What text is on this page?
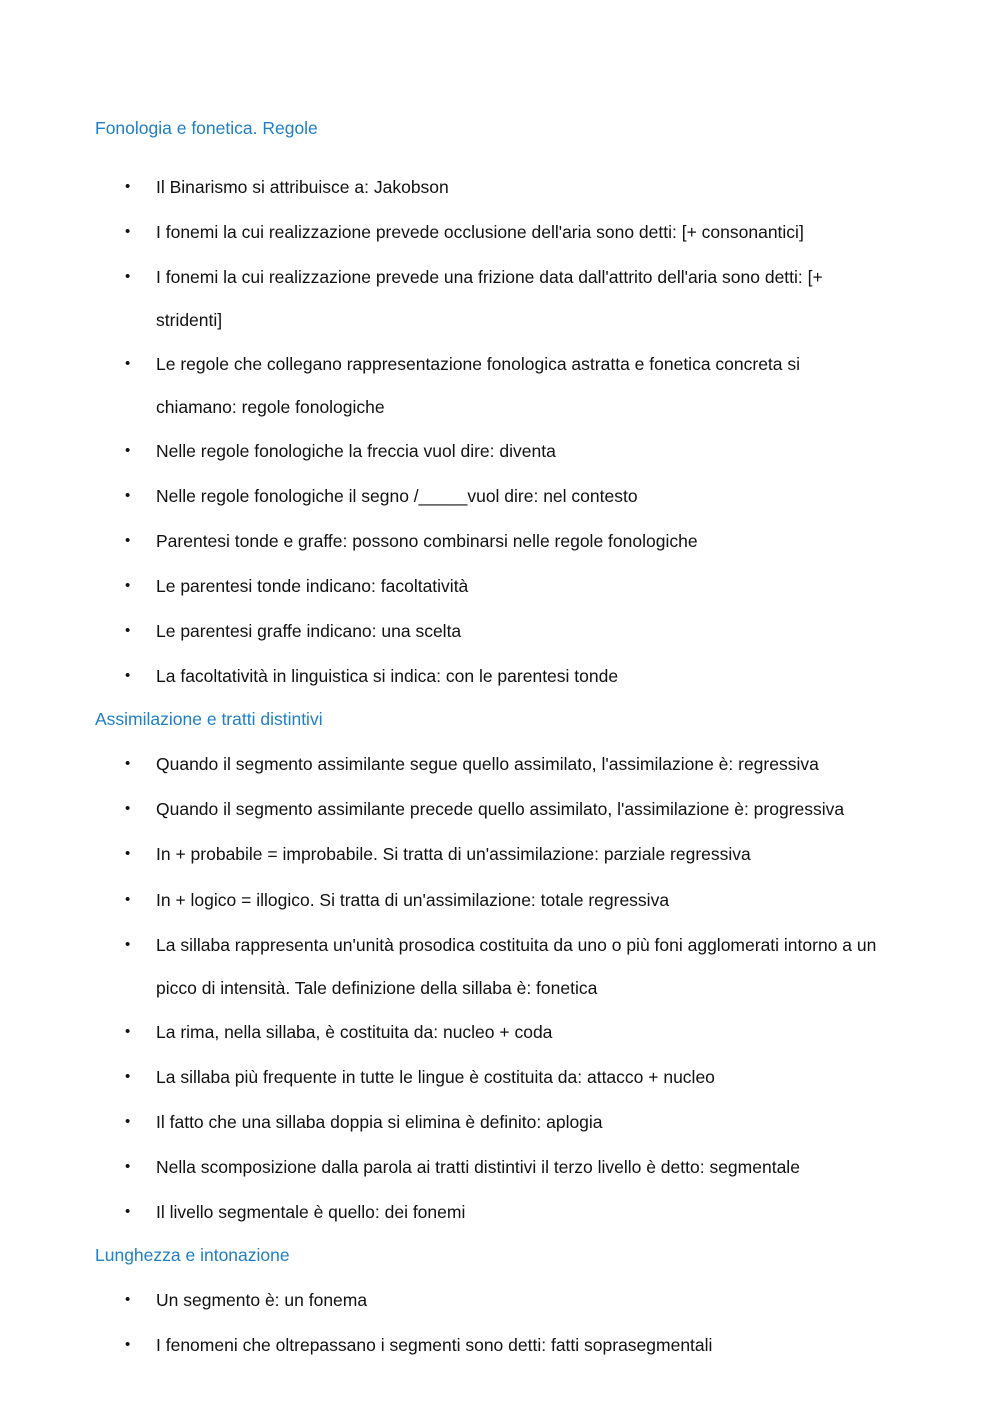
Fonologia e fonetica. Regole
•	Il Binarismo si attribuisce a: Jakobson
•	I fonemi la cui realizzazione prevede occlusione dell'aria sono detti: [+ consonantici]
•	I fonemi la cui realizzazione prevede una frizione data dall'attrito dell'aria sono detti: [+ stridenti]
•	Le regole che collegano rappresentazione fonologica astratta e fonetica concreta si chiamano: regole fonologiche
•	Nelle regole fonologiche la freccia vuol dire: diventa
•	Nelle regole fonologiche il segno /_____vuol dire: nel contesto
•	Parentesi tonde e graffe: possono combinarsi nelle regole fonologiche
•	Le parentesi tonde indicano: facoltatività
•	Le parentesi graffe indicano: una scelta
•	La facoltatività in linguistica si indica: con le parentesi tonde
Assimilazione e tratti distintivi
•	Quando il segmento assimilante segue quello assimilato, l'assimilazione è: regressiva
•	Quando il segmento assimilante precede quello assimilato, l'assimilazione è: progressiva
•	In + probabile = improbabile. Si tratta di un'assimilazione: parziale regressiva
•	In + logico = illogico. Si tratta di un'assimilazione: totale regressiva
•	La sillaba rappresenta un'unità prosodica costituita da uno o più foni agglomerati intorno a un picco di intensità. Tale definizione della sillaba è: fonetica
•	La rima, nella sillaba, è costituita da: nucleo + coda
•	La sillaba più frequente in tutte le lingue è costituita da: attacco + nucleo
•	Il fatto che una sillaba doppia si elimina è definito: aplogia
•	Nella scomposizione dalla parola ai tratti distintivi il terzo livello è detto: segmentale
•	Il livello segmentale è quello: dei fonemi
Lunghezza e intonazione
•	Un segmento è: un fonema
•	I fenomeni che oltrepassano i segmenti sono detti: fatti soprasegmentali
